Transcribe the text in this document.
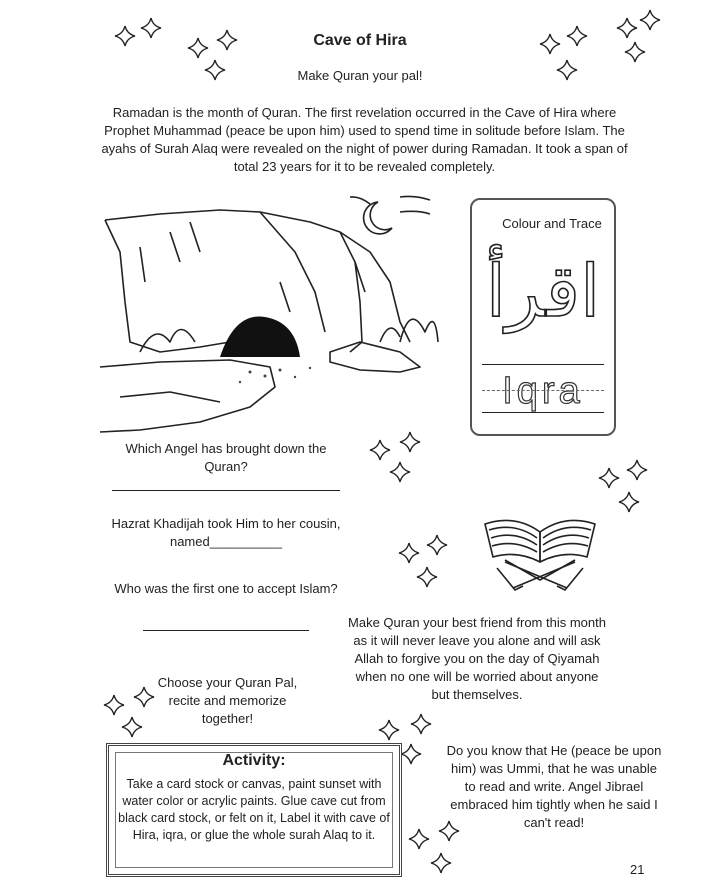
Cave of Hira
Make Quran your pal!
Ramadan is the month of Quran. The first revelation occurred in the Cave of Hira where Prophet Muhammad (peace be upon him) used to spend time in solitude before Islam. The ayahs of Surah Alaq were revealed on the night of power during Ramadan. It took a span of total 23 years for it to be revealed completely.
Colour and Trace
اقرأ
Iqra
Which Angel has brought down the Quran?
Hazrat Khadijah took Him to her cousin, named__________
Who was the first one to accept Islam?
Choose your Quran Pal, recite and memorize together!
Make Quran your best friend from this month as it will never leave you alone and will ask Allah to forgive you on the day of Qiyamah when no one will be worried about anyone but themselves.
Do you know that He (peace be upon him) was Ummi, that he was unable to read and write. Angel Jibrael embraced him tightly when he said I can't read!
Activity:
Take a card stock or canvas, paint sunset with water color or acrylic paints. Glue cave cut from black card stock, or felt on it, Label it with cave of Hira, iqra, or glue the whole surah Alaq to it.
21
